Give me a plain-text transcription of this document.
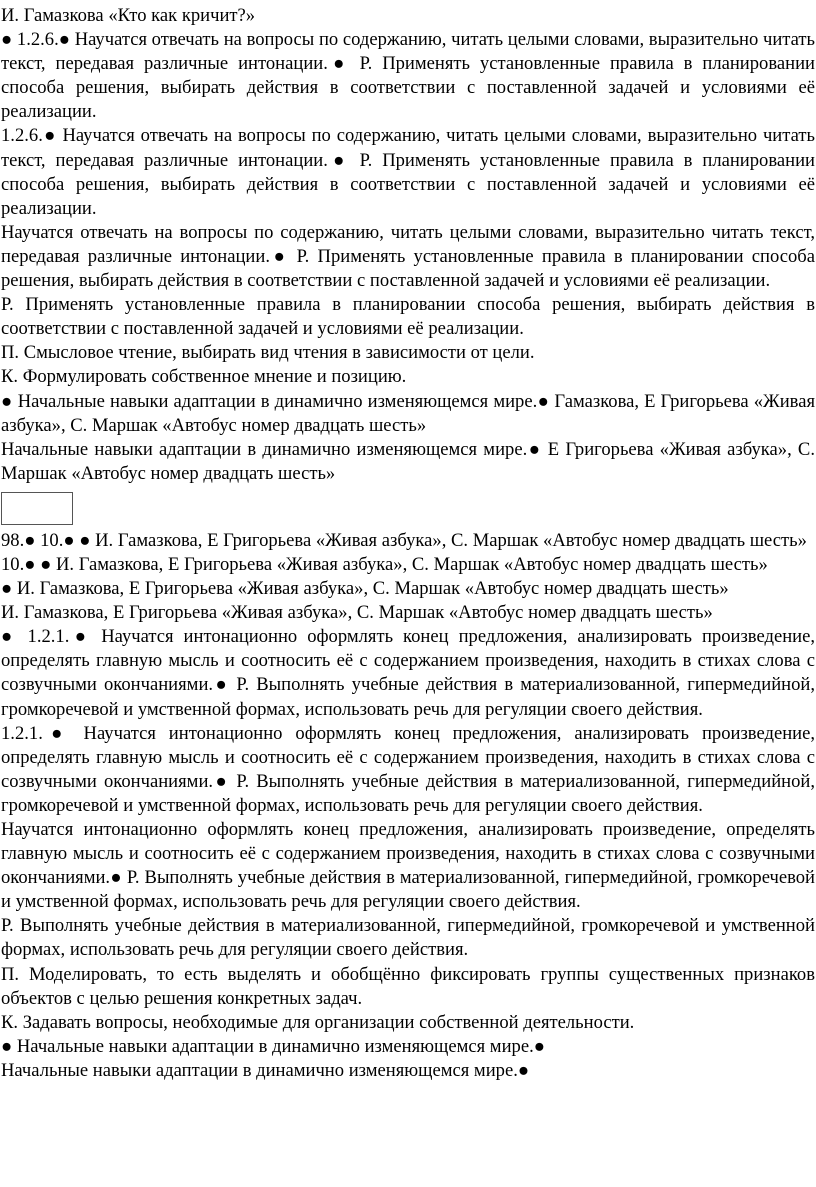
И. Гамазкова «Кто как кричит?»

● 1.2.6.● Научатся отвечать на вопросы по содержанию, читать целыми словами, выразительно читать текст, передавая различные интонации.● Р. Применять установленные правила в планировании способа решения, выбирать действия в соответствии с поставленной задачей и условиями её реализации.

1.2.6.● Научатся отвечать на вопросы по содержанию, читать целыми словами, выразительно читать текст, передавая различные интонации.● Р. Применять установленные правила в планировании способа решения, выбирать действия в соответствии с поставленной задачей и условиями её реализации.

Научатся отвечать на вопросы по содержанию, читать целыми словами, выразительно читать текст, передавая различные интонации.● Р. Применять установленные правила в планировании способа решения, выбирать действия в соответствии с поставленной задачей и условиями её реализации.

Р. Применять установленные правила в планировании способа решения, выбирать действия в соответствии с поставленной задачей и условиями её реализации.

П. Смысловое чтение, выбирать вид чтения в зависимости от цели.

К. Формулировать собственное мнение и позицию.

● Начальные навыки адаптации в динамично изменяющемся мире.● Гамазкова, Е Григорьева «Живая азбука», С. Маршак «Автобус номер двадцать шесть»

Начальные навыки адаптации в динамично изменяющемся мире.● Е Григорьева «Живая азбука», С. Маршак «Автобус номер двадцать шесть»

98.● 10.● ● И. Гамазкова, Е Григорьева «Живая азбука», С. Маршак «Автобус номер двадцать шесть»

10.● ● И. Гамазкова, Е Григорьева «Живая азбука», С. Маршак «Автобус номер двадцать шесть»

● И. Гамазкова, Е Григорьева «Живая азбука», С. Маршак «Автобус номер двадцать шесть»

И. Гамазкова, Е Григорьева «Живая азбука», С. Маршак «Автобус номер двадцать шесть»

● 1.2.1.● Научатся интонационно оформлять конец предложения, анализировать произведение, определять главную мысль и соотносить её с содержанием произведения, находить в стихах слова с созвучными окончаниями.● Р. Выполнять учебные действия в материализованной, гипермедийной, громкоречевой и умственной формах, использовать речь для регуляции своего действия.

1.2.1.● Научатся интонационно оформлять конец предложения, анализировать произведение, определять главную мысль и соотносить её с содержанием произведения, находить в стихах слова с созвучными окончаниями.● Р. Выполнять учебные действия в материализованной, гипермедийной, громкоречевой и умственной формах, использовать речь для регуляции своего действия.

Научатся интонационно оформлять конец предложения, анализировать произведение, определять главную мысль и соотносить её с содержанием произведения, находить в стихах слова с созвучными окончаниями.● Р. Выполнять учебные действия в материализованной, гипермедийной, громкоречевой и умственной формах, использовать речь для регуляции своего действия.

Р. Выполнять учебные действия в материализованной, гипермедийной, громкоречевой и умственной формах, использовать речь для регуляции своего действия.

П. Моделировать, то есть выделять и обобщённо фиксировать группы существенных признаков объектов с целью решения конкретных задач.

К. Задавать вопросы, необходимые для организации собственной деятельности.

● Начальные навыки адаптации в динамично изменяющемся мире.●

Начальные навыки адаптации в динамично изменяющемся мире.●
